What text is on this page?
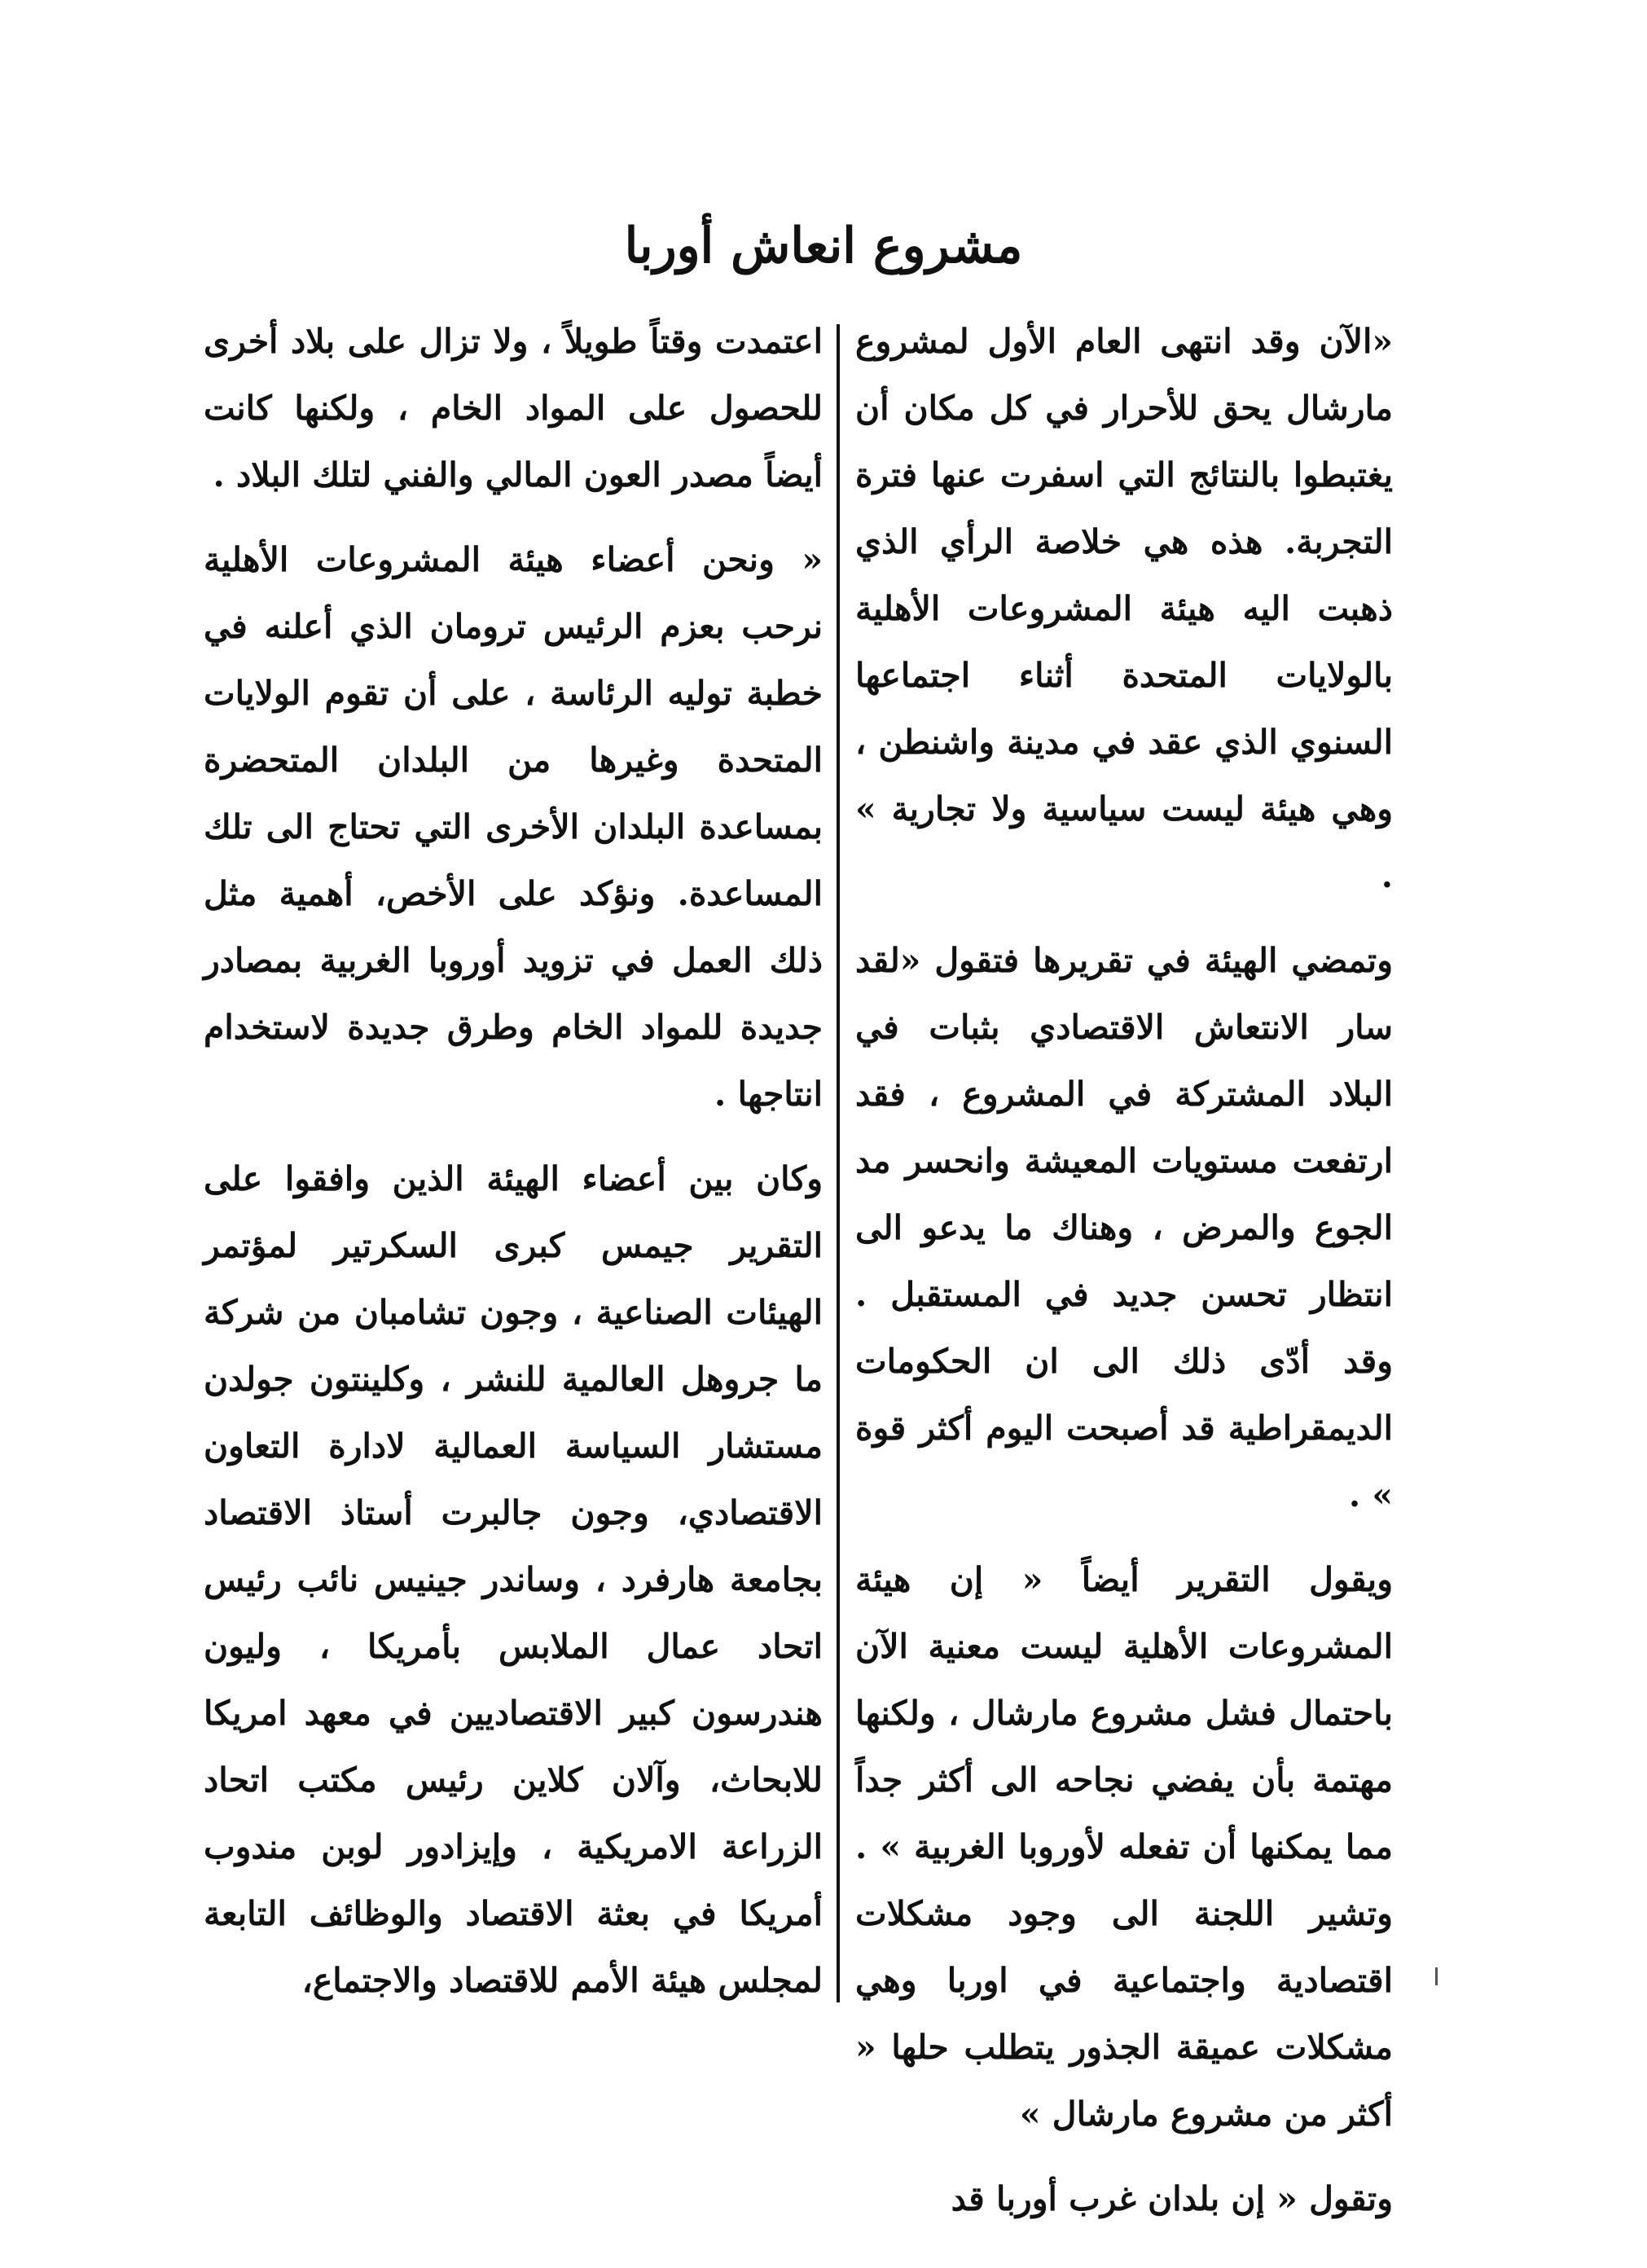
مشروع انعاش أوربا

«الآن وقد انتهى العام الأول لمشروع مارشال يحق للأحرار في كل مكان أن يغتبطوا بالنتائج التي اسفرت عنها فترة التجربة. هذه هي خلاصة الرأي الذي ذهبت اليه هيئة المشروعات الأهلية بالولايات المتحدة أثناء اجتماعها السنوي الذي عقد في مدينة واشنطن ، وهي هيئة ليست سياسية ولا تجارية » .

وتمضي الهيئة في تقريرها فتقول «لقد سار الانتعاش الاقتصادي بثبات في البلاد المشتركة في المشروع ، فقد ارتفعت مستويات المعيشة وانحسر مد الجوع والمرض ، وهناك ما يدعو الى انتظار تحسن جديد في المستقبل . وقد أدّى ذلك الى ان الحكومات الديمقراطية قد أصبحت اليوم أكثر قوة » .

ويقول التقرير أيضاً « إن هيئة المشروعات الأهلية ليست معنية الآن باحتمال فشل مشروع مارشال ، ولكنها مهتمة بأن يفضي نجاحه الى أكثر جداً مما يمكنها أن تفعله لأوروبا الغربية » . وتشير اللجنة الى وجود مشكلات اقتصادية واجتماعية في اوربا وهي مشكلات عميقة الجذور يتطلب حلها « أكثر من مشروع مارشال »

وتقول « إن بلدان غرب أوربا قد

اعتمدت وقتاً طويلاً ، ولا تزال على بلاد أخرى للحصول على المواد الخام ، ولكنها كانت أيضاً مصدر العون المالي والفني لتلك البلاد .

« ونحن أعضاء هيئة المشروعات الأهلية نرحب بعزم الرئيس ترومان الذي أعلنه في خطبة توليه الرئاسة ، على أن تقوم الولايات المتحدة وغيرها من البلدان المتحضرة بمساعدة البلدان الأخرى التي تحتاج الى تلك المساعدة. ونؤكد على الأخص، أهمية مثل ذلك العمل في تزويد أوروبا الغربية بمصادر جديدة للمواد الخام وطرق جديدة لاستخدام انتاجها .

وكان بين أعضاء الهيئة الذين وافقوا على التقرير جيمس كبرى السكرتير لمؤتمر الهيئات الصناعية ، وجون تشامبان من شركة ما جروهل العالمية للنشر ، وكلينتون جولدن مستشار السياسة العمالية لادارة التعاون الاقتصادي، وجون جالبرت أستاذ الاقتصاد بجامعة هارفرد ، وساندر جينيس نائب رئيس اتحاد عمال الملابس بأمريكا ، وليون هندرسون كبير الاقتصاديين في معهد امريكا للابحاث، وآلان كلاين رئيس مكتب اتحاد الزراعة الامريكية ، وإيزادور لوبن مندوب أمريكا في بعثة الاقتصاد والوظائف التابعة لمجلس هيئة الأمم للاقتصاد والاجتماع،
